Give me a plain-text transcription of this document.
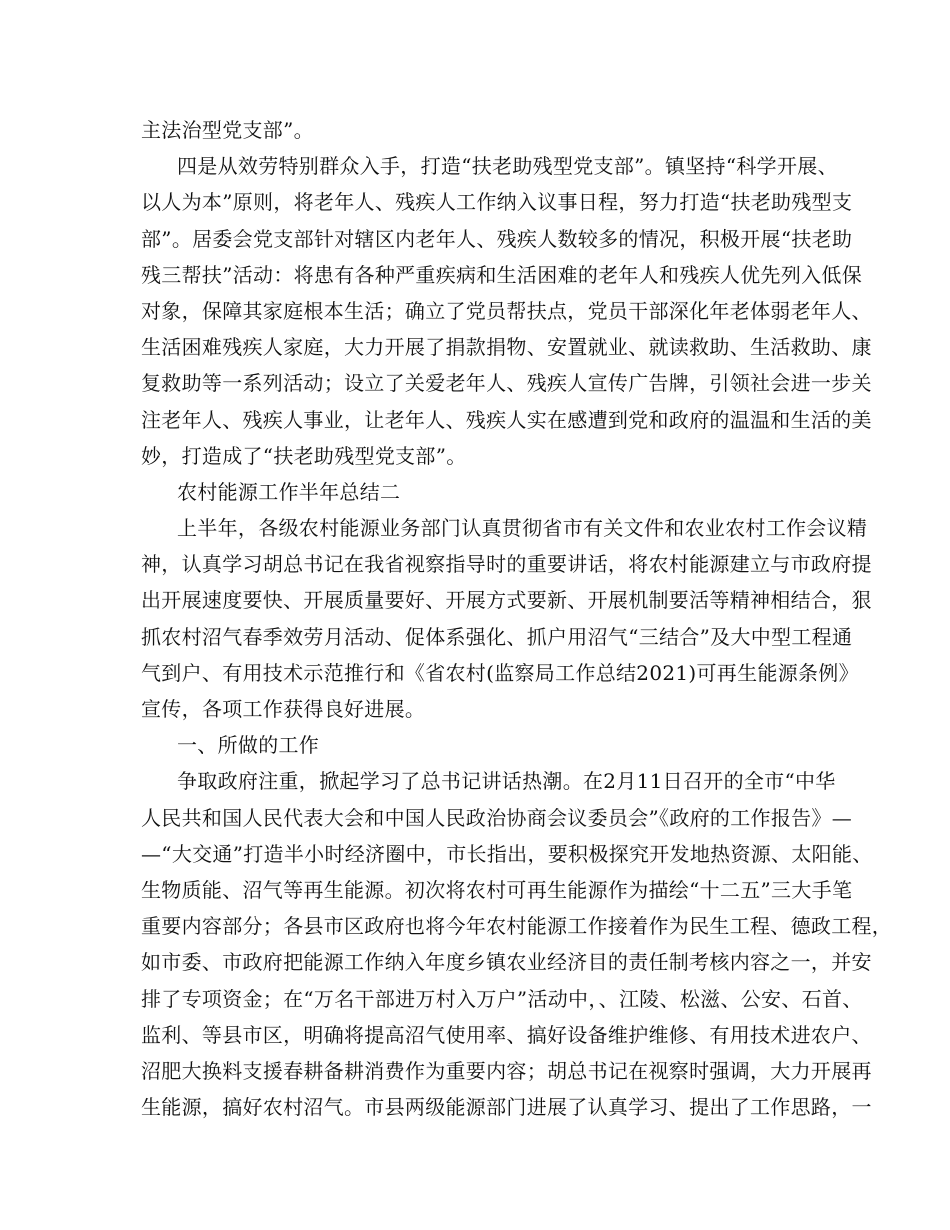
主法治型党支部”。
四是从效劳特别群众入手，打造“扶老助残型党支部”。镇坚持“科学开展、
以人为本”原则，将老年人、残疾人工作纳入议事日程，努力打造“扶老助残型支
部”。居委会党支部针对辖区内老年人、残疾人数较多的情况，积极开展“扶老助
残三帮扶”活动：将患有各种严重疾病和生活困难的老年人和残疾人优先列入低保
对象，保障其家庭根本生活；确立了党员帮扶点，党员干部深化年老体弱老年人、
生活困难残疾人家庭，大力开展了捐款捐物、安置就业、就读救助、生活救助、康
复救助等一系列活动；设立了关爱老年人、残疾人宣传广告牌，引领社会进一步关
注老年人、残疾人事业，让老年人、残疾人实在感遭到党和政府的温温和生活的美
妙，打造成了“扶老助残型党支部”。
农村能源工作半年总结二
上半年，各级农村能源业务部门认真贯彻省市有关文件和农业农村工作会议精
神，认真学习胡总书记在我省视察指导时的重要讲话，将农村能源建立与市政府提
出开展速度要快、开展质量要好、开展方式要新、开展机制要活等精神相结合，狠
抓农村沼气春季效劳月活动、促体系强化、抓户用沼气“三结合”及大中型工程通
气到户、有用技术示范推行和《省农村(监察局工作总结2021)可再生能源条例》
宣传，各项工作获得良好进展。
一、所做的工作
争取政府注重，掀起学习了总书记讲话热潮。在2月11日召开的全市“中华
人民共和国人民代表大会和中国人民政治协商会议委员会”《政府的工作报告》—
—“大交通”打造半小时经济圈中，市长指出，要积极探究开发地热资源、太阳能、
生物质能、沼气等再生能源。初次将农村可再生能源作为描绘“十二五”三大手笔
重要内容部分；各县市区政府也将今年农村能源工作接着作为民生工程、德政工程，
如市委、市政府把能源工作纳入年度乡镇农业经济目的责任制考核内容之一，并安
排了专项资金；在“万名干部进万村入万户”活动中，、江陵、松滋、公安、石首、
监利、等县市区，明确将提高沼气使用率、搞好设备维护维修、有用技术进农户、
沼肥大换料支援春耕备耕消费作为重要内容；胡总书记在视察时强调，大力开展再
生能源，搞好农村沼气。市县两级能源部门进展了认真学习、提出了工作思路，一
